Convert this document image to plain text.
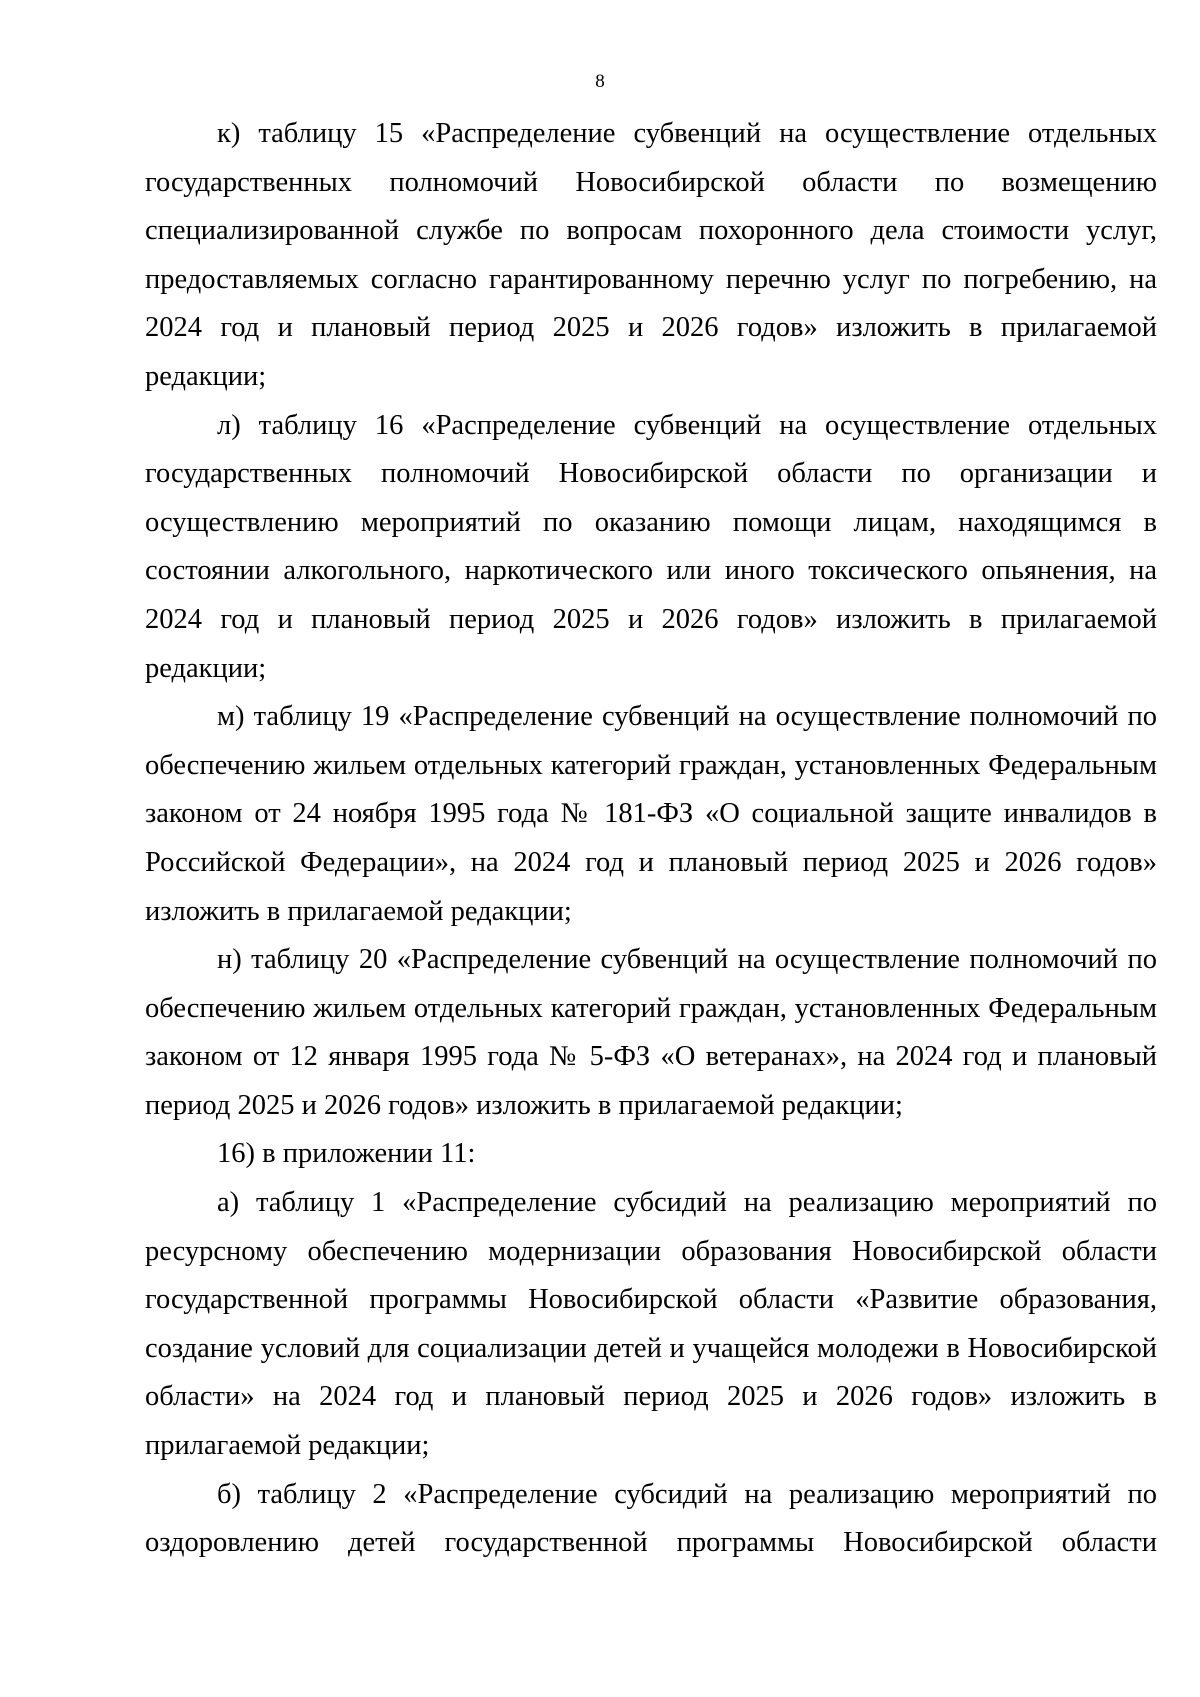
8

к) таблицу 15 «Распределение субвенций на осуществление отдельных государственных полномочий Новосибирской области по возмещению специализированной службе по вопросам похоронного дела стоимости услуг, предоставляемых согласно гарантированному перечню услуг по погребению, на 2024 год и плановый период 2025 и 2026 годов» изложить в прилагаемой редакции;

л) таблицу 16 «Распределение субвенций на осуществление отдельных государственных полномочий Новосибирской области по организации и осуществлению мероприятий по оказанию помощи лицам, находящимся в состоянии алкогольного, наркотического или иного токсического опьянения, на 2024 год и плановый период 2025 и 2026 годов» изложить в прилагаемой редакции;

м) таблицу 19 «Распределение субвенций на осуществление полномочий по обеспечению жильем отдельных категорий граждан, установленных Федеральным законом от 24 ноября 1995 года № 181-ФЗ «О социальной защите инвалидов в Российской Федерации», на 2024 год и плановый период 2025 и 2026 годов» изложить в прилагаемой редакции;

н) таблицу 20 «Распределение субвенций на осуществление полномочий по обеспечению жильем отдельных категорий граждан, установленных Федеральным законом от 12 января 1995 года № 5-ФЗ «О ветеранах», на 2024 год и плановый период 2025 и 2026 годов» изложить в прилагаемой редакции;

16) в приложении 11:

а) таблицу 1 «Распределение субсидий на реализацию мероприятий по ресурсному обеспечению модернизации образования Новосибирской области государственной программы Новосибирской области «Развитие образования, создание условий для социализации детей и учащейся молодежи в Новосибирской области» на 2024 год и плановый период 2025 и 2026 годов» изложить в прилагаемой редакции;

б) таблицу 2 «Распределение субсидий на реализацию мероприятий по оздоровлению детей государственной программы Новосибирской области
